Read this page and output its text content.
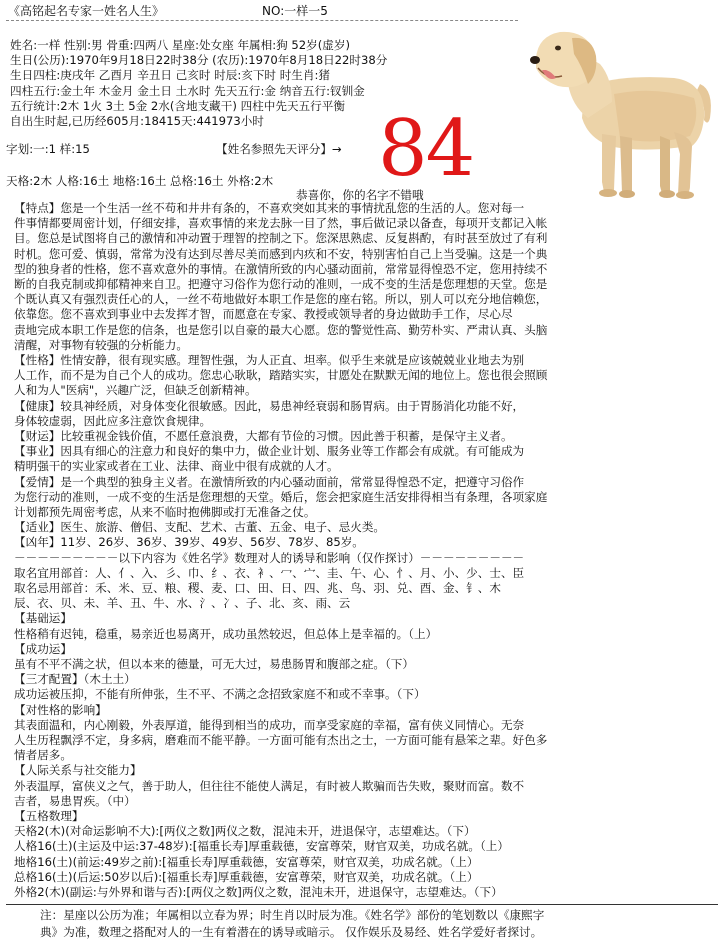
《高铭起名专家一姓名人生》	NO:一样一5
姓名:一样 性别:男 骨重:四两八 星座:处女座 年属相:狗 52岁(虚岁)
生日(公历):1970年9月18日22时38分 (农历):1970年8月18日22时38分
生日四柱:庚戌年 乙酉月 辛丑日 己亥时 时辰:亥下时 时生肖:猪
四柱五行:金土年 木金月 金土日 土水时 先天五行:金 纳音五行:钗钏金
五行统计:2木 1火 3土 5金 2水(含地支藏干) 四柱中先天五行平衡
自出生时起,已历经605月:18415天:441973小时
字划:一:1 样:15	【姓名参照先天评分】→ 84
天格:2木 人格:16土 地格:16土 总格:16土 外格:2木
恭喜你，你的名字不错哦
【特点】您是一个生活一丝不苟和井井有条的，不喜欢突如其来的事情扰乱您的生活的人。您对每一
件事情都要周密计划，仔细安排，喜欢事情的来龙去脉一目了然，事后做记录以备查，每项开支都记入帐
目。您总是试图将自己的激情和冲动置于理智的控制之下。您深思熟虑、反复斟酌，有时甚至放过了有利
时机。您可爱、慎弱，常常为没有达到尽善尽美而感到内疚和不安，特别害怕自己上当受骗。这是一个典
型的独身者的性格，您不喜欢意外的事情。在激情所致的内心骚动面前，常常显得惶恐不定，您用持续不
断的自我克制或抑郁精神来自卫。把遵守习俗作为您行动的准则，一成不变的生活是您理想的天堂。您是
个既认真又有强烈责任心的人，一丝不苟地做好本职工作是您的座右铭。所以，别人可以充分地信赖您，
依靠您。您不喜欢到事业中去发挥才智，而愿意在专家、教授或领导者的身边做助手工作，尽心尽
责地完成本职工作是您的信条，也是您引以自豪的最大心愿。您的警觉性高、勤劳朴实、严肃认真、头脑
清醒，对事物有较强的分析能力。
【性格】性情安静，很有现实感。理智性强，为人正直、坦率。似乎生来就是应该兢兢业业地去为别
人工作，而不是为自己个人的成功。您忠心耿耿，踏踏实实，甘愿处在默默无闻的地位上。您也很会照顾
人和为人"医病"，兴趣广泛，但缺乏创新精神。
【健康】较具神经质，对身体变化很敏感。因此，易患神经衰弱和肠胃病。由于胃肠消化功能不好，
身体较虚弱，因此应多注意饮食规律。
【财运】比较重视金钱价值，不愿任意浪费，大都有节俭的习惯。因此善于积蓄，是保守主义者。
【事业】因具有细心的注意力和良好的集中力，做企业计划、服务业等工作都会有成就。有可能成为
精明强干的实业家或者在工业、法律、商业中很有成就的人才。
【爱情】是一个典型的独身主义者。在激情所致的内心骚动面前，常常显得惶恐不定，把遵守习俗作
为您行动的准则，一成不变的生活是您理想的天堂。婚后，您会把家庭生活安排得相当有条理，各项家庭
计划都预先周密考虑，从来不临时抱佛脚或打无准备之仗。
【适业】医生、旅游、僧侣、支配、艺术、古董、五金、电子、忌火类。
【凶年】11岁、26岁、36岁、39岁、49岁、56岁、78岁、85岁。
－－－－－－－－－以下内容为《姓名学》数理对人的诱导和影响（仅作探讨）－－－－－－－－－
取名宜用部首：人、亻、入、彡、巾、纟、衣、衤、冖、宀、圭、午、心、忄、月、小、少、士、臣
取名忌用部首：禾、米、豆、粮、稷、麦、口、田、日、四、兆、鸟、羽、兑、酉、金、钅、木
辰、衣、贝、未、羊、丑、牛、水、氵、冫、子、北、亥、雨、云
【基础运】
性格稍有迟钝，稳重，易亲近也易离开，成功虽然较迟，但总体上是幸福的。（上）
【成功运】
虽有不平不满之状，但以本来的德量，可无大过，易患肠胃和腹部之症。（下）
【三才配置】（木土土）
成功运被压抑，不能有所伸张，生不平、不满之念招致家庭不和或不幸事。（下）
【对性格的影响】
其表面温和，内心刚毅，外表厚道，能得到相当的成功，而享受家庭的幸福，富有侠义同情心。无奈
人生历程飘浮不定，身多病，磨难而不能平静。一方面可能有杰出之士，一方面可能有悬笨之辈。好色多
情者居多。
【人际关系与社交能力】
外表温厚，富侠义之气，善于助人，但往往不能使人满足，有时被人欺骗而告失败，聚财而富。数不
吉者，易患胃疾。（中）
【五格数理】
天格2(木)(对命运影响不大):[两仪之数]两仪之数，混沌未开，进退保守，志望难达。（下）
人格16(土)(主运及中运:37-48岁):[福重长寿]厚重载德，安富尊荣，财官双美，功成名就。（上）
地格16(土)(前运:49岁之前):[福重长寿]厚重载德，安富尊荣，财官双美，功成名就。（上）
总格16(土)(后运:50岁以后):[福重长寿]厚重载德，安富尊荣，财官双美，功成名就。（上）
外格2(木)(副运:与外界和谐与否):[两仪之数]两仪之数，混沌未开，进退保守，志望难达。（下）
注：星座以公历为准；年属相以立春为界；时生肖以时辰为准。《姓名学》部份的笔划数以《康熙字
典》为准，数理之搭配对人的一生有着潜在的诱导或暗示。 仅作娱乐及易经、姓名学爱好者探讨。
